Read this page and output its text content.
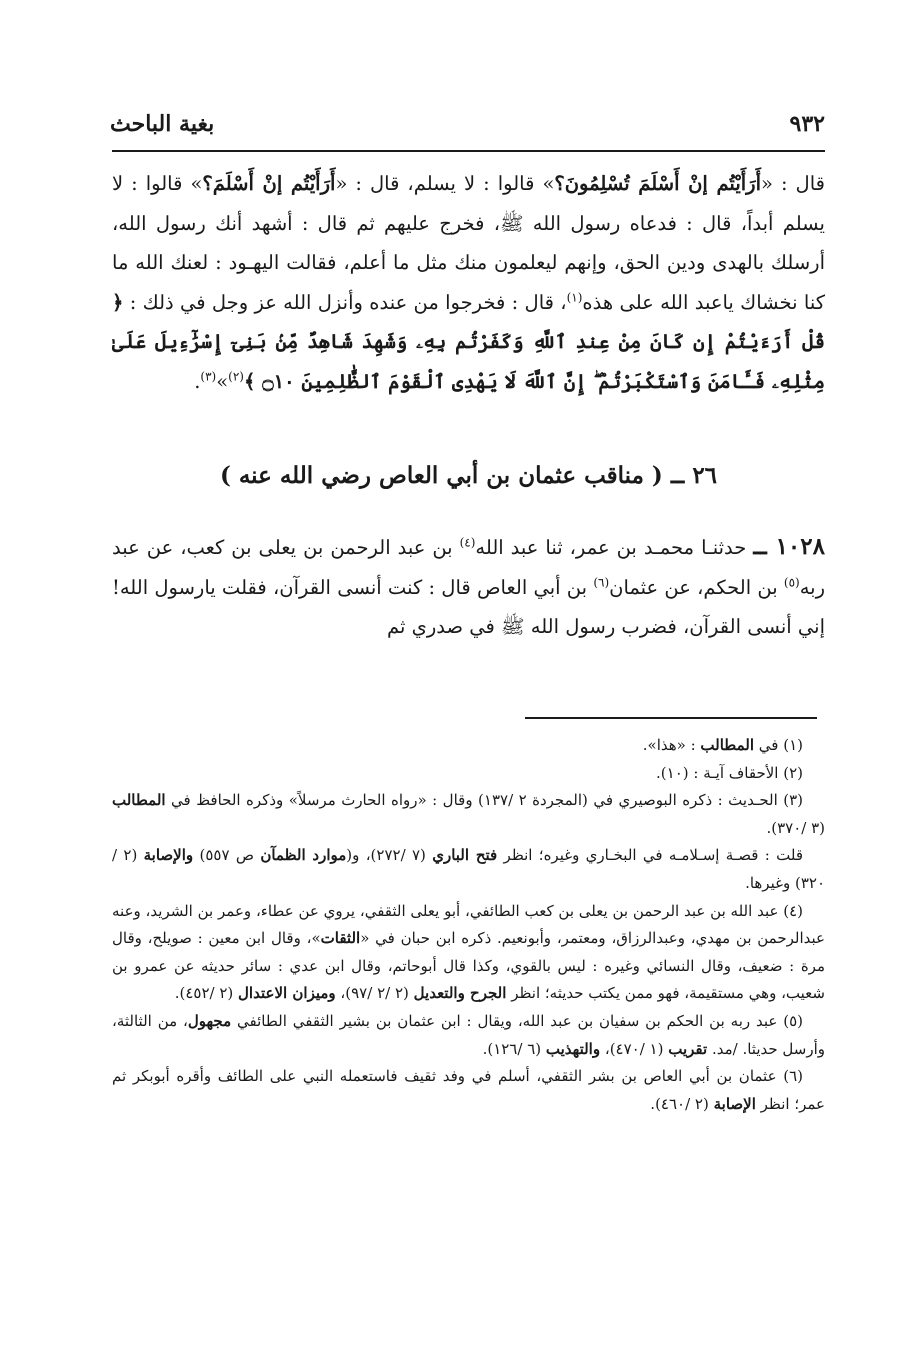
٩٣٢
بغية الباحث

قال : «أَرَأَيْتُم إنْ أَسْلَمَ تُسْلِمُونَ؟» قالوا : لا يسلم، قال : «أَرَأَيْتُم إنْ أَسْلَمَ؟» قالوا : لا يسلم أبداً، قال : فدعاه رسول الله ﷺ، فخرج عليهم ثم قال : أشهد أنك رسول الله، أرسلك بالهدى ودين الحق، وإنهم ليعلمون منك مثل ما أعلم، فقالت اليهـود : لعنك الله ما كنا نخشاك ياعبد الله على هذه$^{(١)}$، قال : فخرجوا من عنده وأنزل الله عز وجل في ذلك : ﴿ قُلْ أَرَءَيْتُمْ إِن كَانَ مِنْ عِندِ ٱللَّهِ وَكَفَرْتُم بِهِۦ وَشَهِدَ شَاهِدٌ مِّنۢ بَنِىٓ إِسْرَٰٓءِيلَ عَلَىٰ مِثْلِهِۦ فَـَٔامَنَ وَٱسْتَكْبَرْتُمْ ۖ إِنَّ ٱللَّهَ لَا يَهْدِى ٱلْقَوْمَ ٱلظَّٰلِمِينَ ۝١٠ ﴾$^{(٢)}$»$^{(٣)}$.

٢٦ ــ ( مناقب عثمان بن أبي العاص رضي الله عنه )

١٠٢٨ ــ حدثنـا محمـد بن عمر، ثنا عبد الله$^{(٤)}$ بن عبد الرحمن بن يعلى بن كعب، عن عبد ربه$^{(٥)}$ بن الحكم، عن عثمان$^{(٦)}$ بن أبي العاص قال : كنت أنسى القرآن، فقلت يارسول الله! إني أنسى القرآن، فضرب رسول الله ﷺ في صدري ثم

(١) في المطالب : «هذا».

(٢) الأحقاف آيـة : (١٠).

(٣) الحـديث : ذكره البوصيري في (المجردة ٢ /١٣٧) وقال : «رواه الحارث مرسلاً» وذكره الحافظ في المطالب (٣ /٣٧٠).

قلت : قصـة إسـلامـه في البخـاري وغيره؛ انظر فتح الباري (٧ /٢٧٢)، و(موارد الظمآن ص ٥٥٧) والإصابة (٢ /٣٢٠) وغيرها.

(٤) عبد الله بن عبد الرحمن بن يعلى بن كعب الطائفي، أبو يعلى الثقفي، يروي عن عطاء، وعمر بن الشريد، وعنه عبدالرحمن بن مهدي، وعبدالرزاق، ومعتمر، وأبونعيم. ذكره ابن حبان في «الثقات»، وقال ابن معين : صويلح، وقال مرة : ضعيف، وقال النسائي وغيره : ليس بالقوي، وكذا قال أبوحاتم، وقال ابن عدي : سائر حديثه عن عمرو بن شعيب، وهي مستقيمة، فهو ممن يكتب حديثه؛ انظر الجرح والتعديل (٢ /٢ /٩٧)، وميزان الاعتدال (٢ /٤٥٢).

(٥) عبد ربه بن الحكم بن سفيان بن عبد الله، ويقال : ابن عثمان بن بشير الثقفي الطائفي مجهول، من الثالثة، وأرسل حديثا. /مد. تقريب (١ /٤٧٠)، والتهذيب (٦ /١٢٦).

(٦) عثمان بن أبي العاص بن بشر الثقفي، أسلم في وفد ثقيف فاستعمله النبي على الطائف وأقره أبوبكر ثم عمر؛ انظر الإصابة (٢ /٤٦٠).
